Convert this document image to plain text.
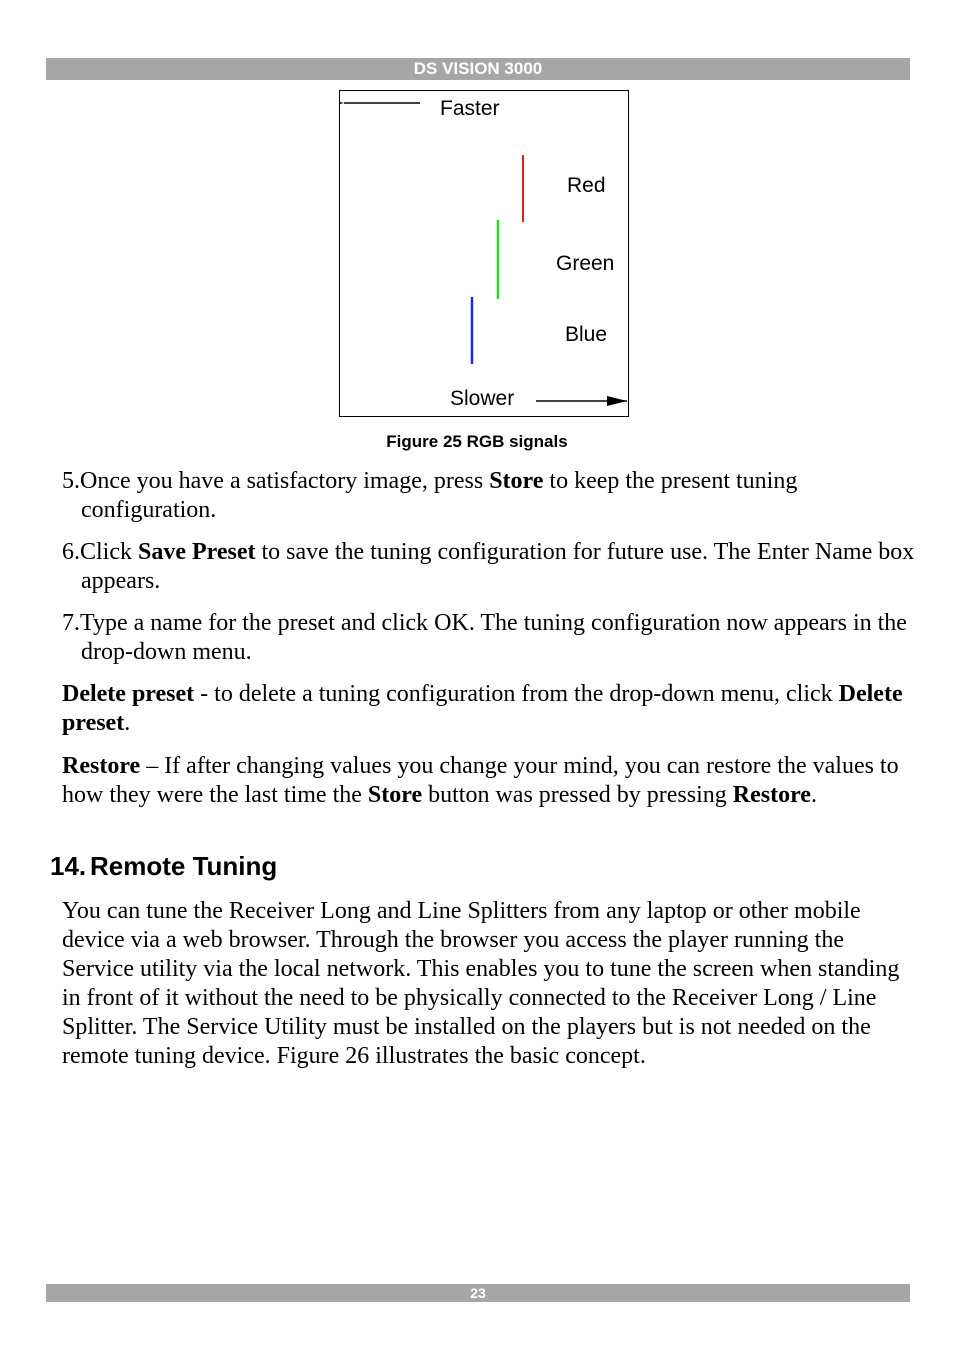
DS VISION 3000
Faster
Red
Green
Blue
Slower
Figure 25 RGB signals
5.Once you have a satisfactory image, press Store to keep the present tuning configuration.
6.Click Save Preset to save the tuning configuration for future use. The Enter Name box appears.
7.Type a name for the preset and click OK. The tuning configuration now appears in the drop-down menu.
Delete preset - to delete a tuning configuration from the drop-down menu, click Delete preset.
Restore – If after changing values you change your mind, you can restore the values to how they were the last time the Store button was pressed by pressing Restore.
14. Remote Tuning
You can tune the Receiver Long and Line Splitters from any laptop or other mobile device via a web browser. Through the browser you access the player running the Service utility via the local network. This enables you to tune the screen when standing in front of it without the need to be physically connected to the Receiver Long / Line Splitter. The Service Utility must be installed on the players but is not needed on the remote tuning device. Figure 26 illustrates the basic concept.
23
